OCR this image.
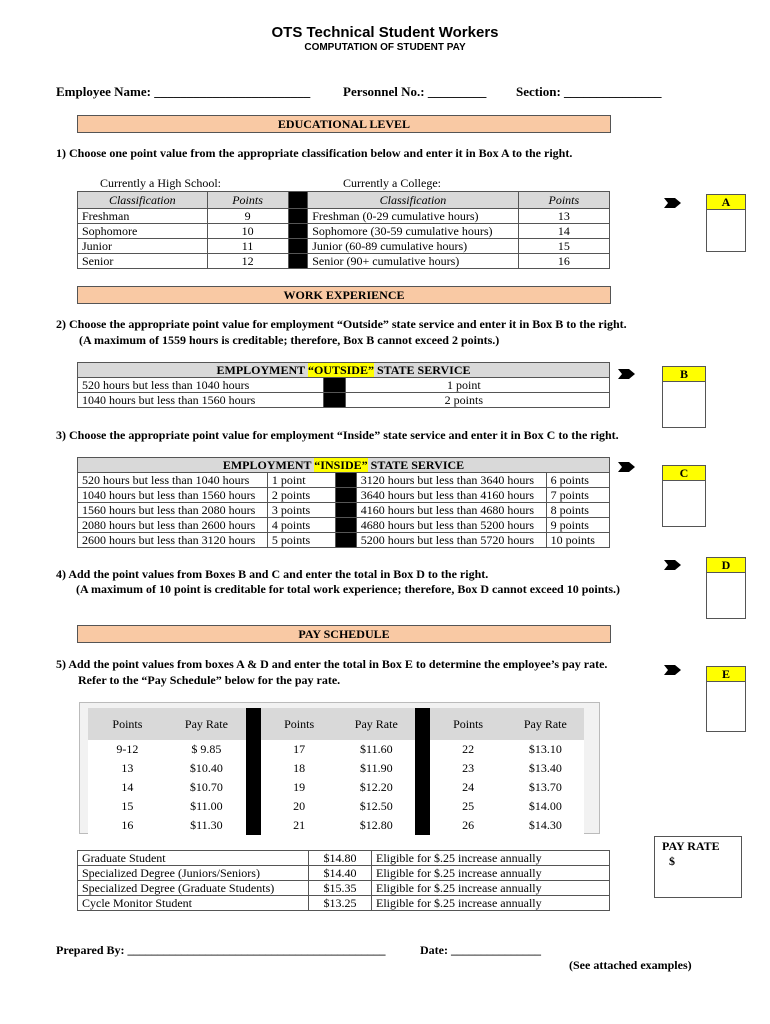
OTS Technical Student Workers
COMPUTATION OF STUDENT PAY
Employee Name: ________________________	Personnel No.: _________ Section: _______________
EDUCATIONAL LEVEL
1) Choose one point value from the appropriate classification below and enter it in Box A to the right.
Currently a High School:	Currently a College:
Classification	Points		Classification	Points
Freshman	9		Freshman (0-29 cumulative hours)	13
Sophomore	10		Sophomore (30-59 cumulative hours)	14
Junior	11		Junior (60-89 cumulative hours)	15
Senior	12		Senior (90+ cumulative hours)	16
A
WORK EXPERIENCE
2) Choose the appropriate point value for employment “Outside” state service and enter it in Box B to the right.
(A maximum of 1559 hours is creditable; therefore, Box B cannot exceed 2 points.)
EMPLOYMENT “OUTSIDE” STATE SERVICE			
520 hours but less than 1040 hours		1 point	
1040 hours but less than 1560 hours		2 points	
B
3) Choose the appropriate point value for employment “Inside” state service and enter it in Box C to the right.
EMPLOYMENT “INSIDE” STATE SERVICE				
520 hours but less than 1040 hours	1 point		3120 hours but less than 3640 hours	6 points
1040 hours but less than 1560 hours	2 points		3640 hours but less than 4160 hours	7 points
1560 hours but less than 2080 hours	3 points		4160 hours but less than 4680 hours	8 points
2080 hours but less than 2600 hours	4 points		4680 hours but less than 5200 hours	9 points
2600 hours but less than 3120 hours	5 points		5200 hours but less than 5720 hours	10 points
C
4) Add the point values from Boxes B and C and enter the total in Box D to the right.
(A maximum of 10 point is creditable for total work experience; therefore, Box D cannot exceed 10 points.)
D
PAY SCHEDULE
5) Add the point values from boxes A & D and enter the total in Box E to determine the employee’s pay rate.
Refer to the “Pay Schedule” below for the pay rate.	E
Points	Pay Rate		Points	Pay Rate		Points	Pay Rate
9-12	$ 9.85		17	$11.60		22	$13.10
13	$10.40		18	$11.90		23	$13.40
14	$10.70		19	$12.20		24	$13.70
15	$11.00		20	$12.50		25	$14.00
16	$11.30		21	$12.80		26	$14.30
Graduate Student	$14.80	Eligible for $.25 increase annually
Specialized Degree (Juniors/Seniors)	$14.40	Eligible for $.25 increase annually
Specialized Degree (Graduate Students)	$15.35	Eligible for $.25 increase annually
Cycle Monitor Student	$13.25	Eligible for $.25 increase annually
PAY RATE
$
Prepared By: ___________________________________________	Date: _______________
(See attached examples)
